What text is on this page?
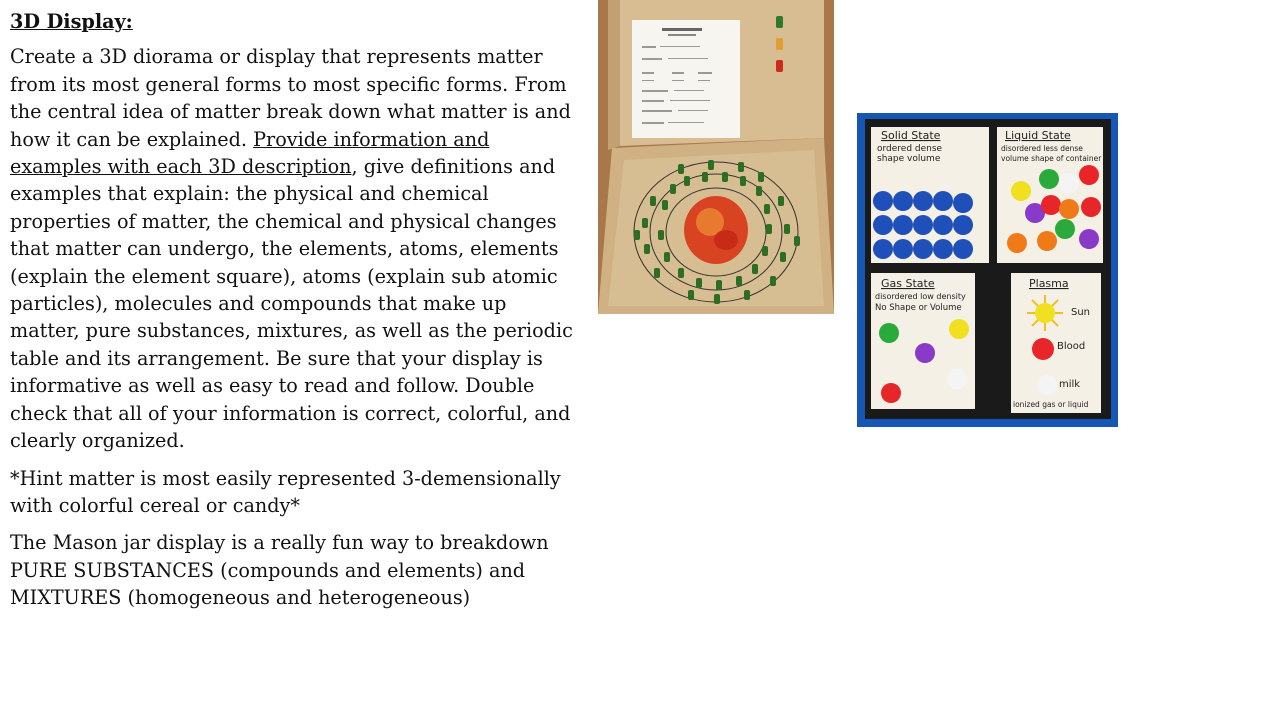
3D Display:

Create a 3D diorama or display that represents matter from its most general forms to most specific forms. From the central idea of matter break down what matter is and how it can be explained. Provide information and examples with each 3D description, give definitions and examples that explain: the physical and chemical properties of matter, the chemical and physical changes that matter can undergo, the elements, atoms, elements (explain the element square), atoms (explain sub atomic particles), molecules and compounds that make up matter, pure substances, mixtures, as well as the periodic table and its arrangement. Be sure that your display is informative as well as easy to read and follow. Double check that all of your information is correct, colorful, and clearly organized.

*Hint matter is most easily represented 3-demensionally with colorful cereal or candy*

The Mason jar display is a really fun way to breakdown PURE SUBSTANCES (compounds and elements) and MIXTURES (homogeneous and heterogeneous)

Solid State
ordered dense
shape volume
Liquid State
disordered less dense
volume shape of container
Gas State
disordered low density
No Shape or Volume
Plasma
Sun
Blood
milk
ionized gas or liquid
